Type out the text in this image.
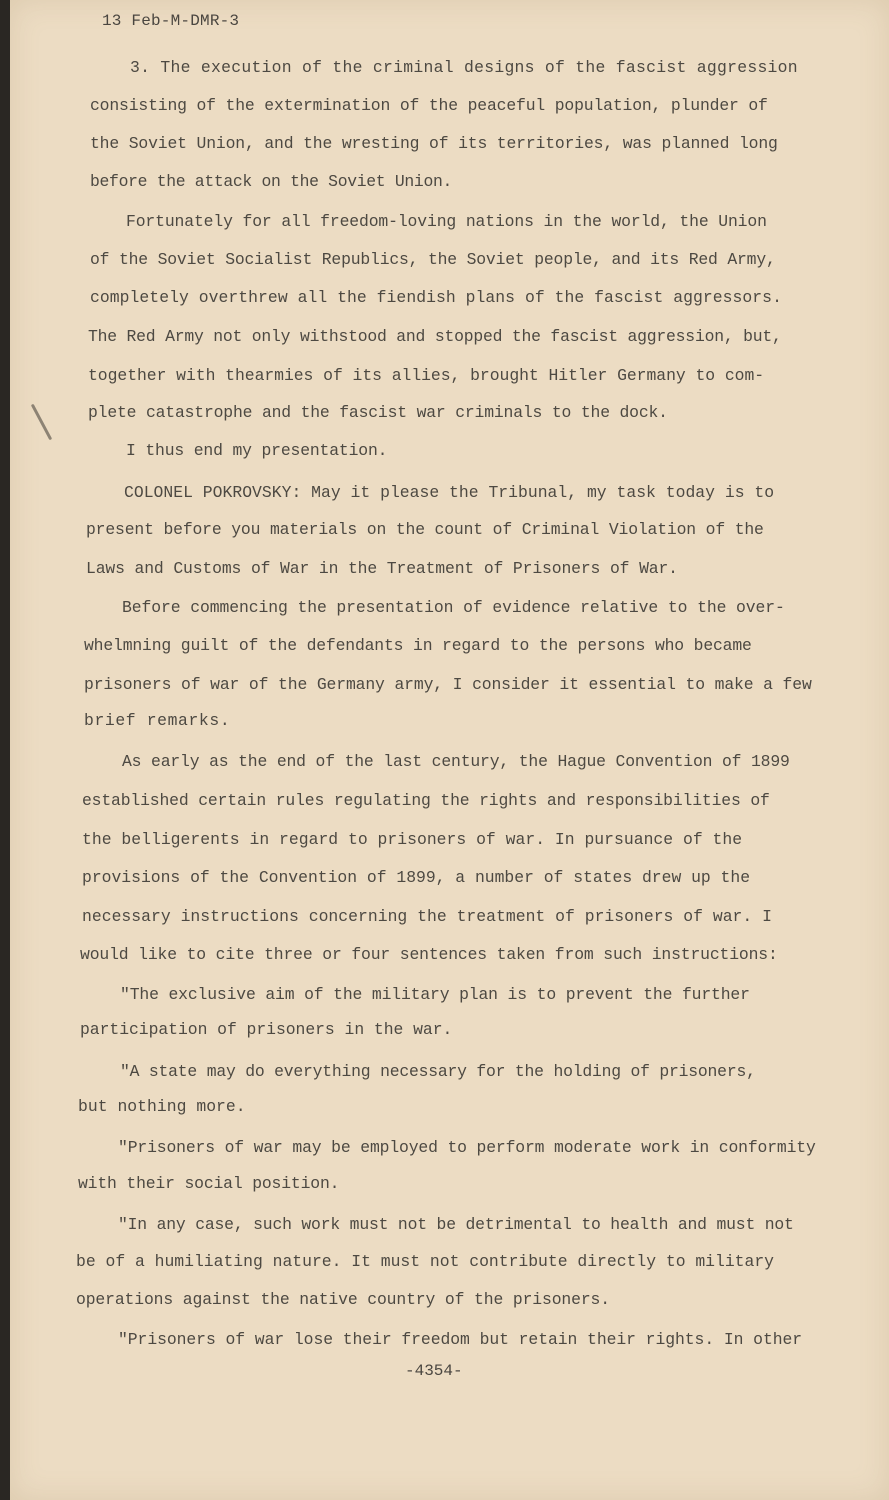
13 Feb-M-DMR-3
3. The execution of the criminal designs of the fascist aggression
consisting of the extermination of the peaceful population, plunder of
the Soviet Union, and the wresting of its territories, was planned long
before the attack on the Soviet Union.
Fortunately for all freedom-loving nations in the world, the Union
of the Soviet Socialist Republics, the Soviet people, and its Red Army,
completely overthrew all the fiendish plans of the fascist aggressors.
The Red Army not only withstood and stopped the fascist aggression, but,
together with thearmies of its allies, brought Hitler Germany to com-
plete catastrophe and the fascist war criminals to the dock.
I thus end my presentation.
COLONEL POKROVSKY: May it please the Tribunal, my task today is to
present before you materials on the count of Criminal Violation of the
Laws and Customs of War in the Treatment of Prisoners of War.
Before commencing the presentation of evidence relative to the over-
whelmning guilt of the defendants in regard to the persons who became
prisoners of war of the Germany army, I consider it essential to make a few
brief remarks.
As early as the end of the last century, the Hague Convention of 1899
established certain rules regulating the rights and responsibilities of
the belligerents in regard to prisoners of war. In pursuance of the
provisions of the Convention of 1899, a number of states drew up the
necessary instructions concerning the treatment of prisoners of war. I
would like to cite three or four sentences taken from such instructions:
"The exclusive aim of the military plan is to prevent the further
participation of prisoners in the war.
"A state may do everything necessary for the holding of prisoners,
but nothing more.
"Prisoners of war may be employed to perform moderate work in conformity
with their social position.
"In any case, such work must not be detrimental to health and must not
be of a humiliating nature. It must not contribute directly to military
operations against the native country of the prisoners.
"Prisoners of war lose their freedom but retain their rights. In other
-4354-
